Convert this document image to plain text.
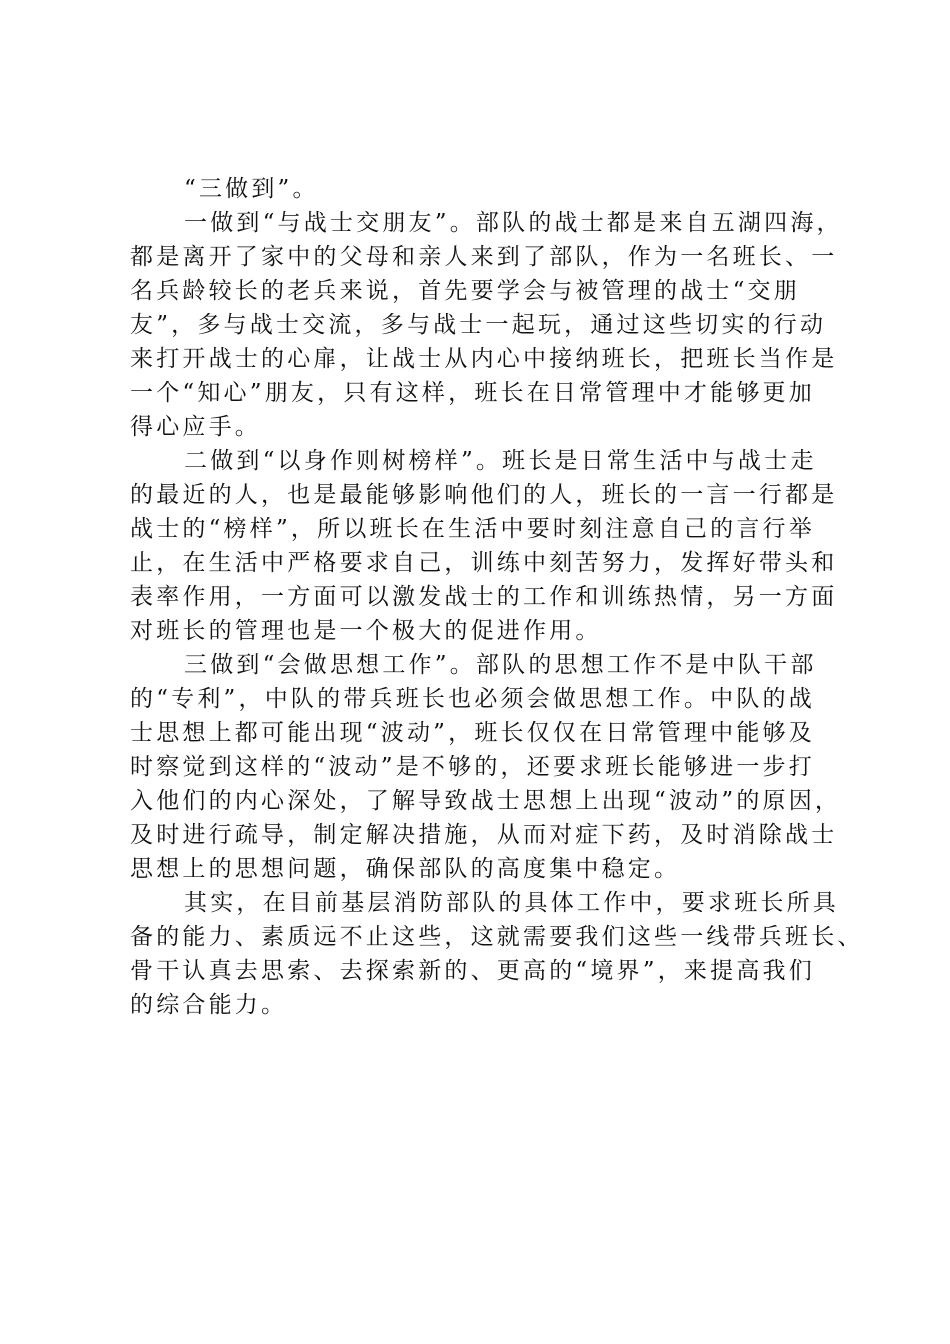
“三做到”。
一做到“与战士交朋友”。部队的战士都是来自五湖四海，
都是离开了家中的父母和亲人来到了部队，作为一名班长、一
名兵龄较长的老兵来说，首先要学会与被管理的战士“交朋
友”，多与战士交流，多与战士一起玩，通过这些切实的行动
来打开战士的心扉，让战士从内心中接纳班长，把班长当作是
一个“知心”朋友，只有这样，班长在日常管理中才能够更加
得心应手。
二做到“以身作则树榜样”。班长是日常生活中与战士走
的最近的人，也是最能够影响他们的人，班长的一言一行都是
战士的“榜样”，所以班长在生活中要时刻注意自己的言行举
止，在生活中严格要求自己，训练中刻苦努力，发挥好带头和
表率作用，一方面可以激发战士的工作和训练热情，另一方面
对班长的管理也是一个极大的促进作用。
三做到“会做思想工作”。部队的思想工作不是中队干部
的“专利”，中队的带兵班长也必须会做思想工作。中队的战
士思想上都可能出现“波动”，班长仅仅在日常管理中能够及
时察觉到这样的“波动”是不够的，还要求班长能够进一步打
入他们的内心深处，了解导致战士思想上出现“波动”的原因，
及时进行疏导，制定解决措施，从而对症下药，及时消除战士
思想上的思想问题，确保部队的高度集中稳定。
其实，在目前基层消防部队的具体工作中，要求班长所具
备的能力、素质远不止这些，这就需要我们这些一线带兵班长、
骨干认真去思索、去探索新的、更高的“境界”，来提高我们
的综合能力。
